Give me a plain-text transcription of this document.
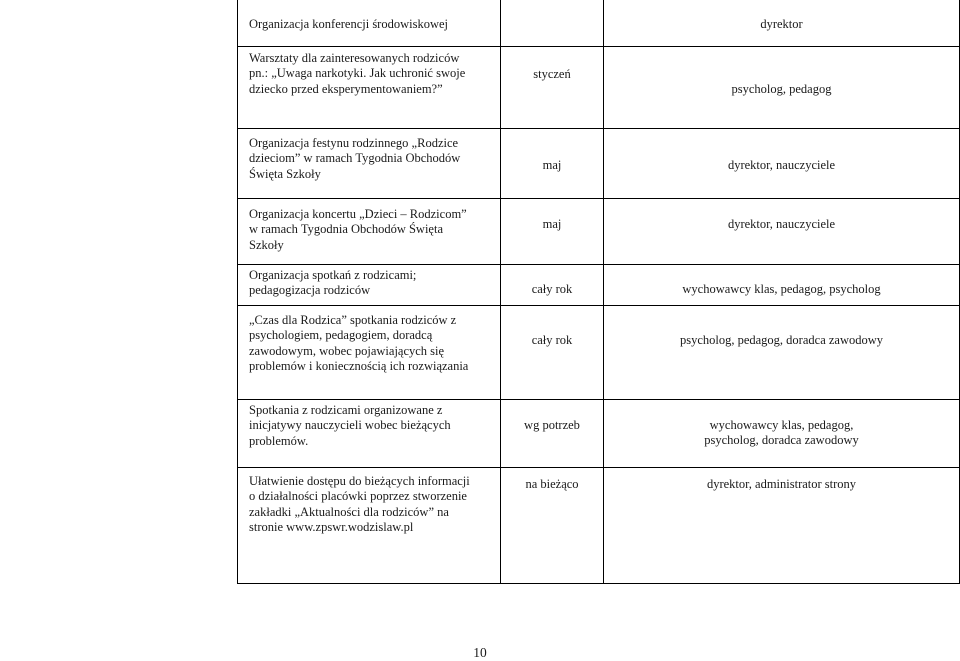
Organizacja konferencji środowiskowej		dyrektor

Warsztaty dla zainteresowanych rodziców pn.: „Uwaga narkotyki. Jak uchronić swoje dziecko przed eksperymentowaniem?”	styczeń	psycholog, pedagog

Organizacja festynu rodzinnego „Rodzice dzieciom” w ramach Tygodnia Obchodów Święta Szkoły	maj	dyrektor, nauczyciele

Organizacja koncertu „Dzieci – Rodzicom” w ramach Tygodnia Obchodów Święta Szkoły	maj	dyrektor, nauczyciele

Organizacja spotkań z rodzicami; pedagogizacja rodziców	cały rok	wychowawcy klas, pedagog, psycholog

„Czas dla Rodzica” spotkania rodziców z psychologiem, pedagogiem, doradcą zawodowym, wobec pojawiających się problemów i koniecznością ich rozwiązania	cały rok	psycholog, pedagog, doradca zawodowy

Spotkania z rodzicami organizowane z inicjatywy nauczycieli wobec bieżących problemów.	wg potrzeb	wychowawcy klas, pedagog, psycholog, doradca zawodowy

Ułatwienie dostępu do bieżących informacji o działalności placówki poprzez stworzenie zakładki „Aktualności dla rodziców” na stronie www.zpswr.wodzislaw.pl	na bieżąco	dyrektor, administrator strony
10
